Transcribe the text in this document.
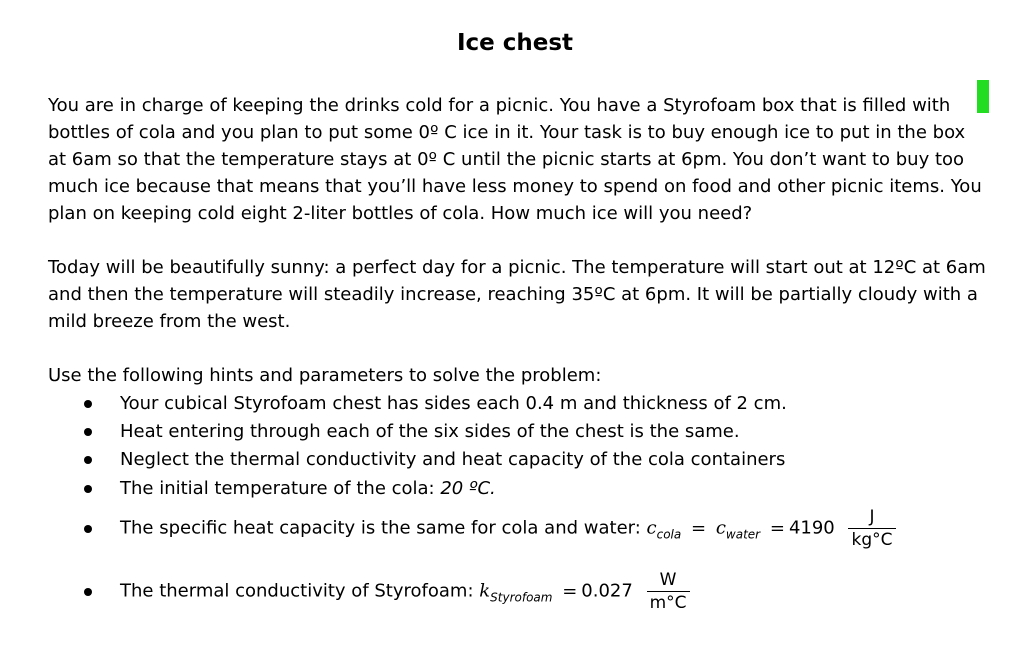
Ice chest

You are in charge of keeping the drinks cold for a picnic. You have a Styrofoam box that is filled with bottles of cola and you plan to put some 0º C ice in it. Your task is to buy enough ice to put in the box at 6am so that the temperature stays at 0º C until the picnic starts at 6pm. You don’t want to buy too much ice because that means that you’ll have less money to spend on food and other picnic items. You plan on keeping cold eight 2-liter bottles of cola. How much ice will you need?

Today will be beautifully sunny: a perfect day for a picnic. The temperature will start out at 12ºC at 6am and then the temperature will steadily increase, reaching 35ºC at 6pm. It will be partially cloudy with a mild breeze from the west.

Use the following hints and parameters to solve the problem:

Your cubical Styrofoam chest has sides each 0.4 m and thickness of 2 cm.
Heat entering through each of the six sides of the chest is the same.
Neglect the thermal conductivity and heat capacity of the cola containers
The initial temperature of the cola: 20 ºC.
The specific heat capacity is the same for cola and water: $c_{cola} = c_{water} = 4190 \frac{J}{kg^\circ C}$
The thermal conductivity of Styrofoam: $k_{Styrofoam} = 0.027 \frac{W}{m^\circ C}$
